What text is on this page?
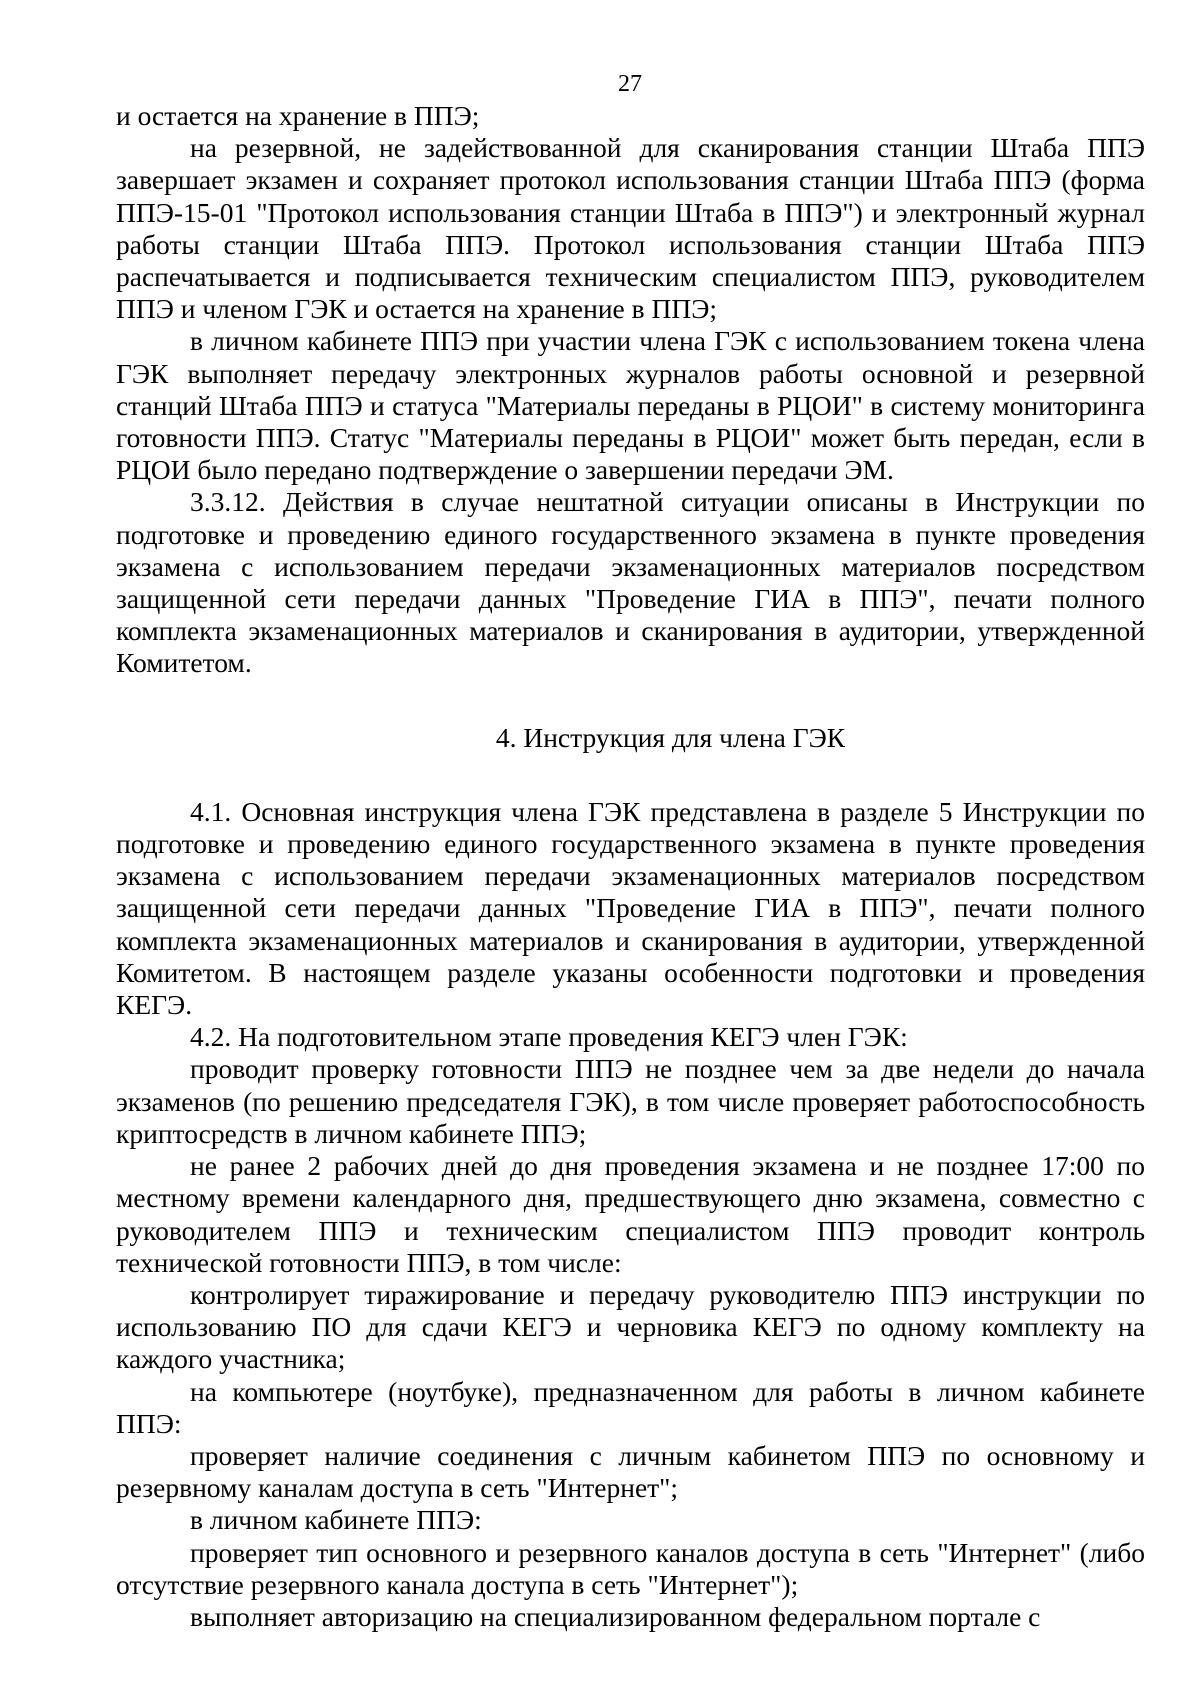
27

и остается на хранение в ППЭ;

на резервной, не задействованной для сканирования станции Штаба ППЭ завершает экзамен и сохраняет протокол использования станции Штаба ППЭ (форма ППЭ-15-01 "Протокол использования станции Штаба в ППЭ") и электронный журнал работы станции Штаба ППЭ. Протокол использования станции Штаба ППЭ распечатывается и подписывается техническим специалистом ППЭ, руководителем ППЭ и членом ГЭК и остается на хранение в ППЭ;

в личном кабинете ППЭ при участии члена ГЭК с использованием токена члена ГЭК выполняет передачу электронных журналов работы основной и резервной станций Штаба ППЭ и статуса "Материалы переданы в РЦОИ" в систему мониторинга готовности ППЭ. Статус "Материалы переданы в РЦОИ" может быть передан, если в РЦОИ было передано подтверждение о завершении передачи ЭМ.

3.3.12. Действия в случае нештатной ситуации описаны в Инструкции по подготовке и проведению единого государственного экзамена в пункте проведения экзамена с использованием передачи экзаменационных материалов посредством защищенной сети передачи данных "Проведение ГИА в ППЭ", печати полного комплекта экзаменационных материалов и сканирования в аудитории, утвержденной Комитетом.

4. Инструкция для члена ГЭК

4.1. Основная инструкция члена ГЭК представлена в разделе 5 Инструкции по подготовке и проведению единого государственного экзамена в пункте проведения экзамена с использованием передачи экзаменационных материалов посредством защищенной сети передачи данных "Проведение ГИА в ППЭ", печати полного комплекта экзаменационных материалов и сканирования в аудитории, утвержденной Комитетом. В настоящем разделе указаны особенности подготовки и проведения КЕГЭ.

4.2. На подготовительном этапе проведения КЕГЭ член ГЭК:

проводит проверку готовности ППЭ не позднее чем за две недели до начала экзаменов (по решению председателя ГЭК), в том числе проверяет работоспособность криптосредств в личном кабинете ППЭ;

не ранее 2 рабочих дней до дня проведения экзамена и не позднее 17:00 по местному времени календарного дня, предшествующего дню экзамена, совместно с руководителем ППЭ и техническим специалистом ППЭ проводит контроль технической готовности ППЭ, в том числе:

контролирует тиражирование и передачу руководителю ППЭ инструкции по использованию ПО для сдачи КЕГЭ и черновика КЕГЭ по одному комплекту на каждого участника;

на компьютере (ноутбуке), предназначенном для работы в личном кабинете ППЭ:

проверяет наличие соединения с личным кабинетом ППЭ по основному и резервному каналам доступа в сеть "Интернет";

в личном кабинете ППЭ:

проверяет тип основного и резервного каналов доступа в сеть "Интернет" (либо отсутствие резервного канала доступа в сеть "Интернет");

выполняет авторизацию на специализированном федеральном портале с
